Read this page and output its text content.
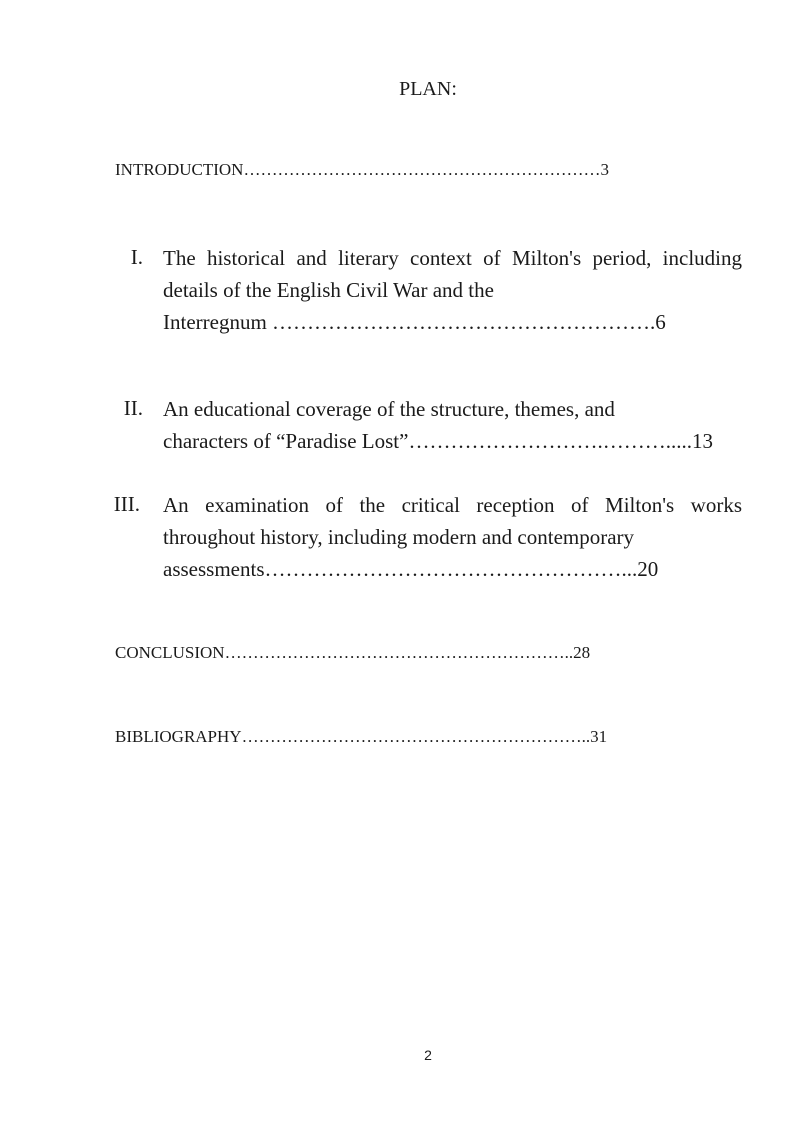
PLAN:
INTRODUCTION………………………………………………………3
I. The historical and literary context of Milton's period, including details of the English Civil War and the
Interregnum ……………………………………………….6
II. An educational coverage of the structure, themes, and
characters of “Paradise Lost”……………………….……….....13
III. An examination of the critical reception of Milton's works throughout history, including modern and contemporary
assessments……………………………………………...20
CONCLUSION……………………………………………………..28
BIBLIOGRAPHY……………………………………………………..31
2
